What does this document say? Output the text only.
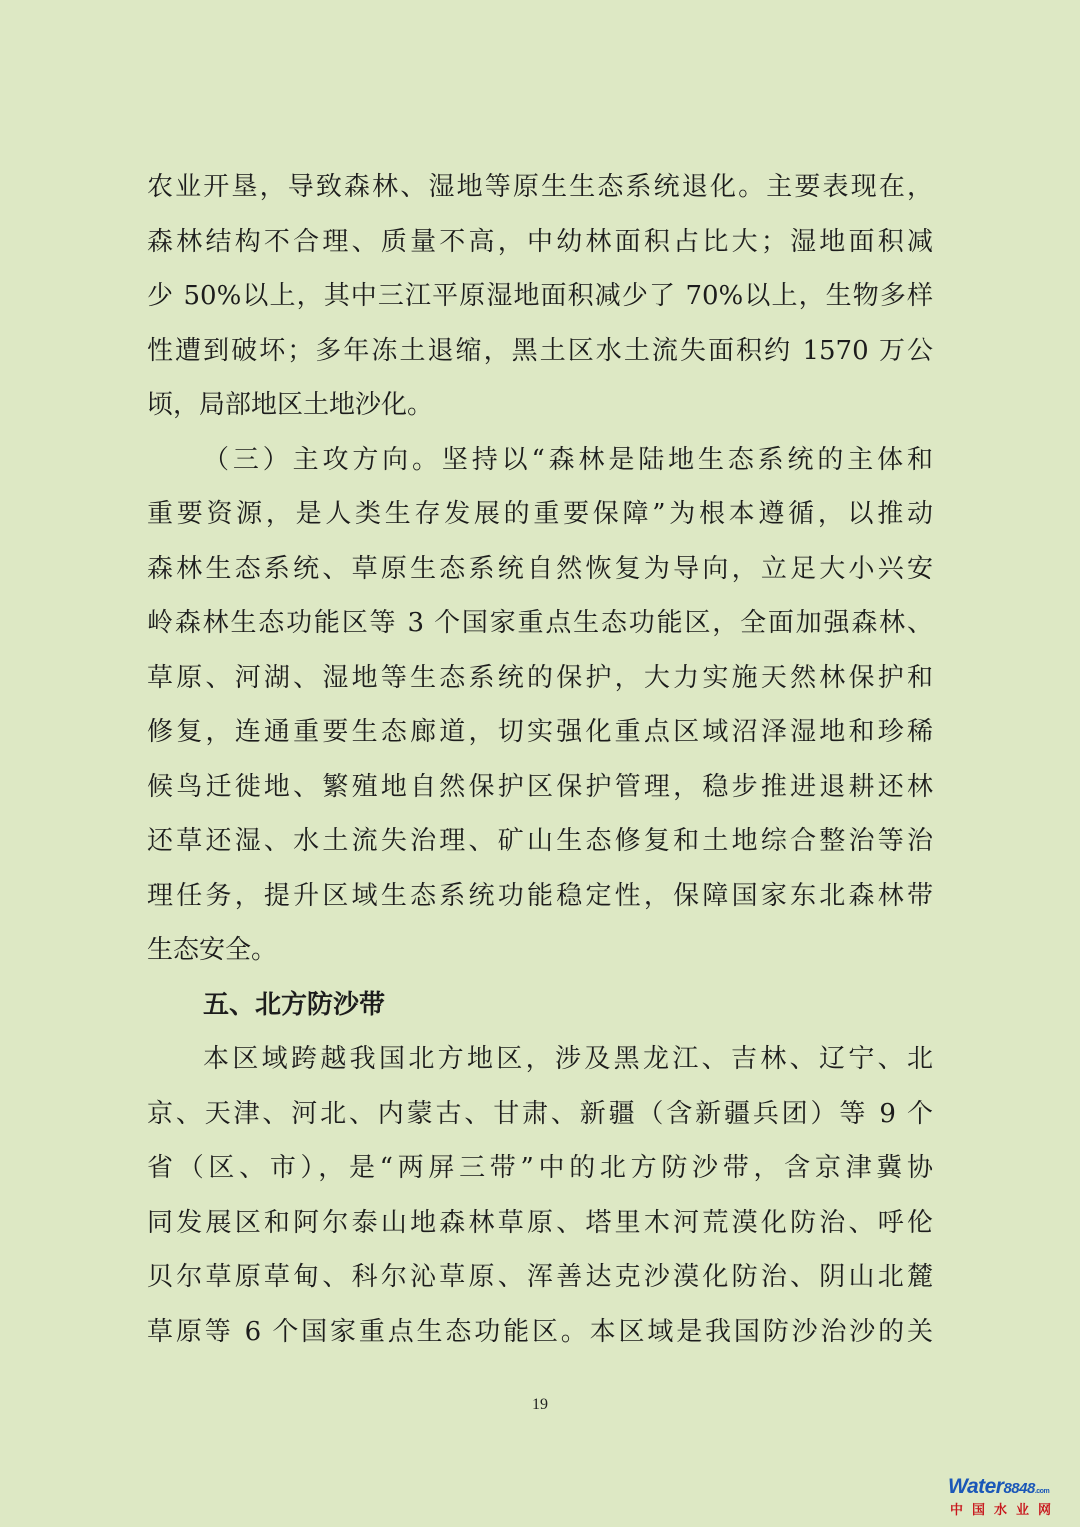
农业开垦，导致森林、湿地等原生生态系统退化。主要表现在，
森林结构不合理、质量不高，中幼林面积占比大；湿地面积减
少 50%以上，其中三江平原湿地面积减少了 70%以上，生物多样
性遭到破坏；多年冻土退缩，黑土区水土流失面积约 1570 万公
顷，局部地区土地沙化。
（三）主攻方向。坚持以“森林是陆地生态系统的主体和
重要资源，是人类生存发展的重要保障”为根本遵循，以推动
森林生态系统、草原生态系统自然恢复为导向，立足大小兴安
岭森林生态功能区等 3 个国家重点生态功能区，全面加强森林、
草原、河湖、湿地等生态系统的保护，大力实施天然林保护和
修复，连通重要生态廊道，切实强化重点区域沼泽湿地和珍稀
候鸟迁徙地、繁殖地自然保护区保护管理，稳步推进退耕还林
还草还湿、水土流失治理、矿山生态修复和土地综合整治等治
理任务，提升区域生态系统功能稳定性，保障国家东北森林带
生态安全。
五、北方防沙带
本区域跨越我国北方地区，涉及黑龙江、吉林、辽宁、北
京、天津、河北、内蒙古、甘肃、新疆（含新疆兵团）等 9 个
省（区、市），是“两屏三带”中的北方防沙带，含京津冀协
同发展区和阿尔泰山地森林草原、塔里木河荒漠化防治、呼伦
贝尔草原草甸、科尔沁草原、浑善达克沙漠化防治、阴山北麓
草原等 6 个国家重点生态功能区。本区域是我国防沙治沙的关
19
Water8848.com
中国水业网
